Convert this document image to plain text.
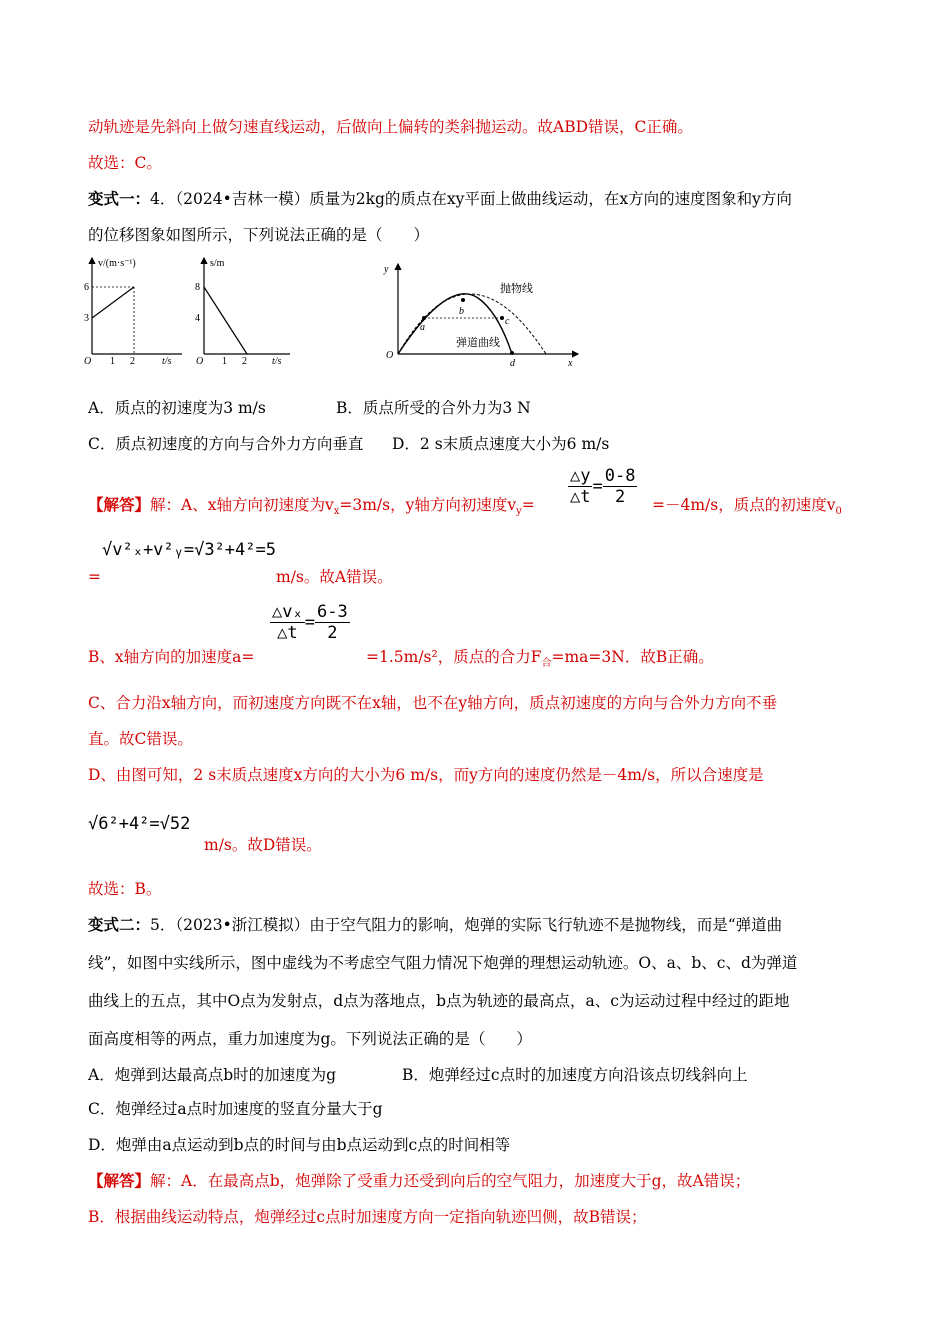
动轨迹是先斜向上做匀速直线运动，后做向上偏转的类斜抛运动。故ABD错误，C正确。
故选：C。
变式一：4．（2024•吉林一模）质量为2kg的质点在xy平面上做曲线运动，在x方向的速度图象和y方向
的位移图象如图所示，下列说法正确的是（　　）
v/(m·s⁻¹)
t/s
O
6
3
1 2
s/m
t/s
O
8
4
1 2
y
x
O
a
b
c
d
抛物线
弹道曲线
A．质点的初速度为3 m/s	B．质点所受的合外力为3 N
C．质点初速度的方向与合外力方向垂直 D．2 s末质点速度大小为6 m/s
【解答】解：A、x轴方向初速度为$v_x=3m/s$，y轴方向初速度$v_y= \frac{\triangle y}{\triangle t} = \frac{0-8}{2} =-4m/s$，质点的初速度$v_0$
=
√v²ₓ+v²ᵧ=√3²+4²=5
m/s。故A错误。
B、x轴方向的加速度a=
$\frac{\text{△vₓ}}{\triangle t} = \frac{6-3}{2}$
=1.5m/s²，质点的合力$F_合=ma=3N$．故B正确。
C、合力沿x轴方向，而初速度方向既不在x轴，也不在y轴方向，质点初速度的方向与合外力方向不垂
直。故C错误。
D、由图可知，2 s末质点速度x方向的大小为6 m/s，而y方向的速度仍然是－4m/s，所以合速度是
√6²+4²=√52
m/s。故D错误。
故选：B。
变式二：5．（2023•浙江模拟）由于空气阻力的影响，炮弹的实际飞行轨迹不是抛物线，而是“弹道曲
线”，如图中实线所示，图中虚线为不考虑空气阻力情况下炮弹的理想运动轨迹。O、a、b、c、d为弹道
曲线上的五点，其中O点为发射点，d点为落地点，b点为轨迹的最高点，a、c为运动过程中经过的距地
面高度相等的两点，重力加速度为g。下列说法正确的是（　　）
A．炮弹到达最高点b时的加速度为g	B．炮弹经过c点时的加速度方向沿该点切线斜向上
C．炮弹经过a点时加速度的竖直分量大于g
D．炮弹由a点运动到b点的时间与由b点运动到c点的时间相等
【解答】解：A．在最高点b，炮弹除了受重力还受到向后的空气阻力，加速度大于g，故A错误；
B．根据曲线运动特点，炮弹经过c点时加速度方向一定指向轨迹凹侧，故B错误；
